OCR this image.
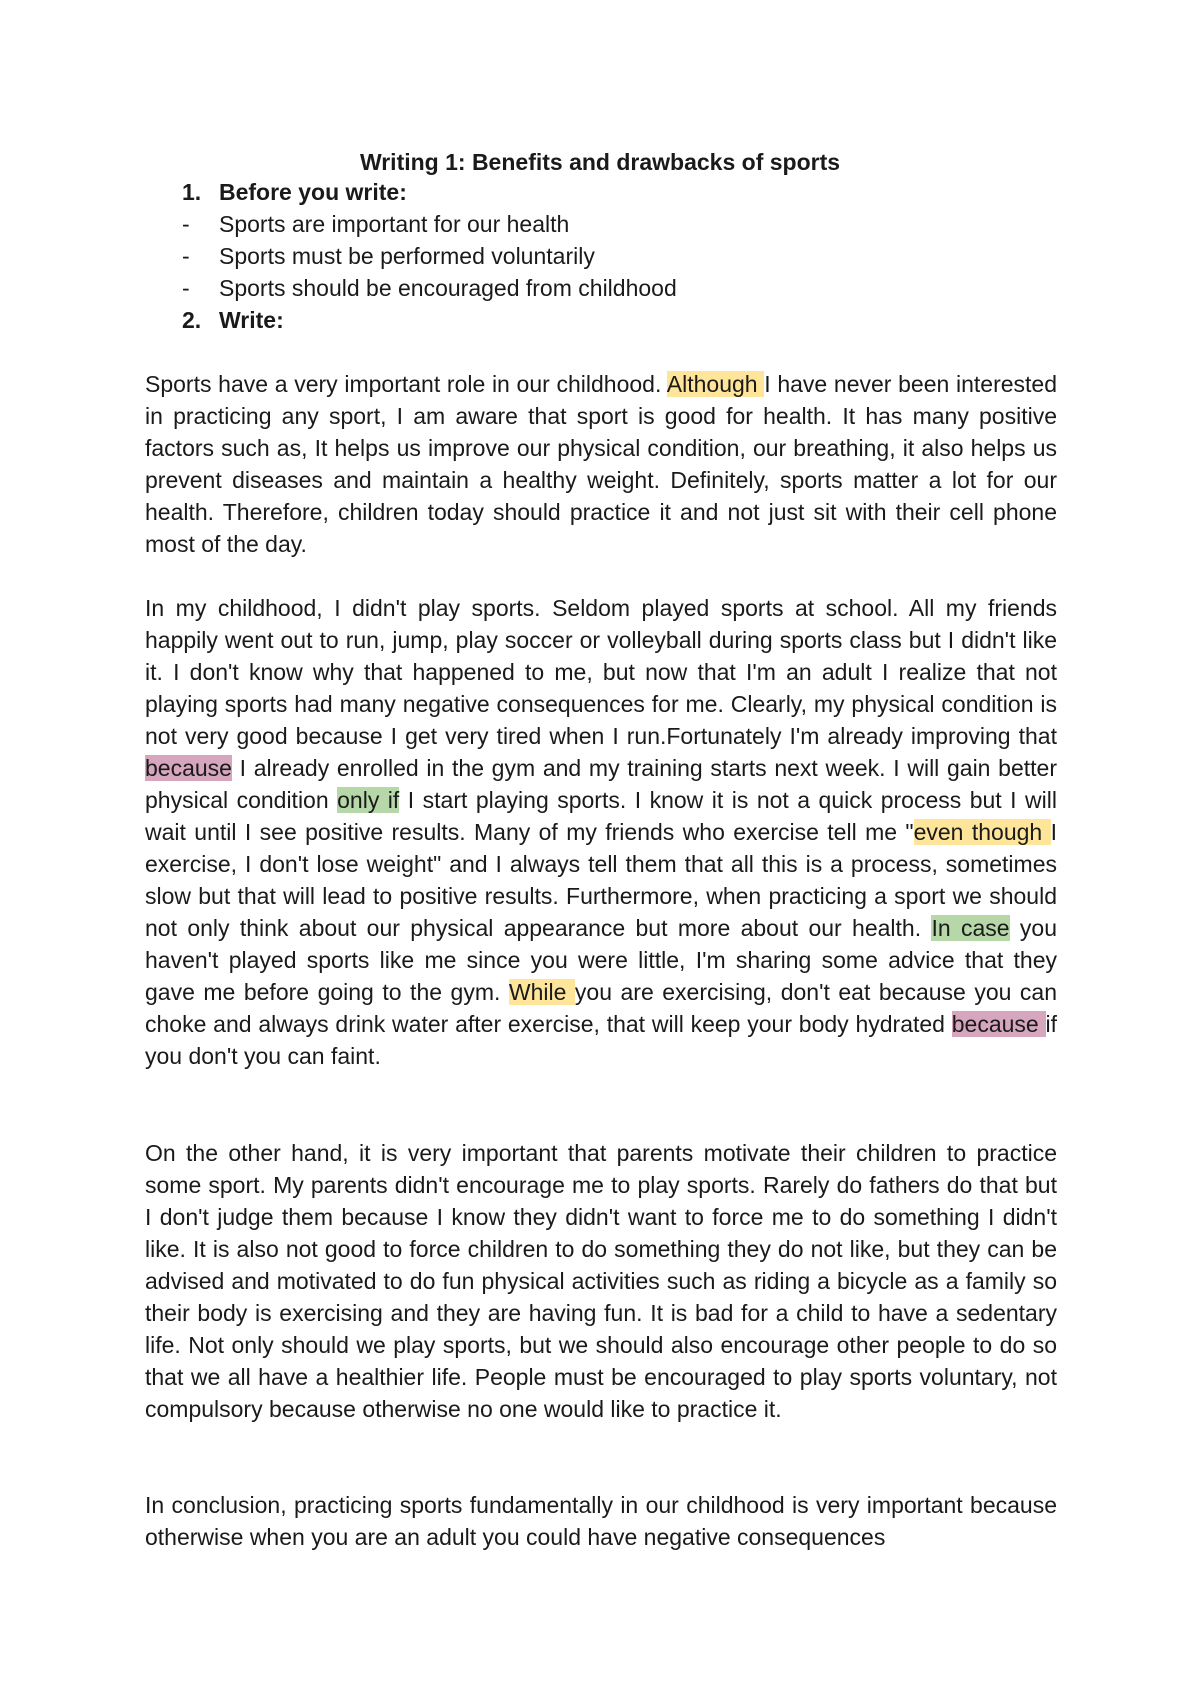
Writing 1: Benefits and drawbacks of sports
1. Before you write:
- Sports are important for our health
- Sports must be performed voluntarily
- Sports should be encouraged from childhood
2. Write:

Sports have a very important role in our childhood. Although I have never been interested in practicing any sport, I am aware that sport is good for health. It has many positive factors such as, It helps us improve our physical condition, our breathing, it also helps us prevent diseases and maintain a healthy weight. Definitely, sports matter a lot for our health. Therefore, children today should practice it and not just sit with their cell phone most of the day.

In my childhood, I didn't play sports. Seldom played sports at school. All my friends happily went out to run, jump, play soccer or volleyball during sports class but I didn't like it. I don't know why that happened to me, but now that I'm an adult I realize that not playing sports had many negative consequences for me. Clearly, my physical condition is not very good because I get very tired when I run.Fortunately I'm already improving that because I already enrolled in the gym and my training starts next week. I will gain better physical condition only if I start playing sports. I know it is not a quick process but I will wait until I see positive results. Many of my friends who exercise tell me "even though I exercise, I don't lose weight" and I always tell them that all this is a process, sometimes slow but that will lead to positive results. Furthermore, when practicing a sport we should not only think about our physical appearance but more about our health. In case you haven't played sports like me since you were little, I'm sharing some advice that they gave me before going to the gym. While you are exercising, don't eat because you can choke and always drink water after exercise, that will keep your body hydrated because if you don't you can faint.

On the other hand, it is very important that parents motivate their children to practice some sport. My parents didn't encourage me to play sports. Rarely do fathers do that but I don't judge them because I know they didn't want to force me to do something I didn't like. It is also not good to force children to do something they do not like, but they can be advised and motivated to do fun physical activities such as riding a bicycle as a family so their body is exercising and they are having fun. It is bad for a child to have a sedentary life. Not only should we play sports, but we should also encourage other people to do so that we all have a healthier life. People must be encouraged to play sports voluntary, not compulsory because otherwise no one would like to practice it.

In conclusion, practicing sports fundamentally in our childhood is very important because otherwise when you are an adult you could have negative consequences
